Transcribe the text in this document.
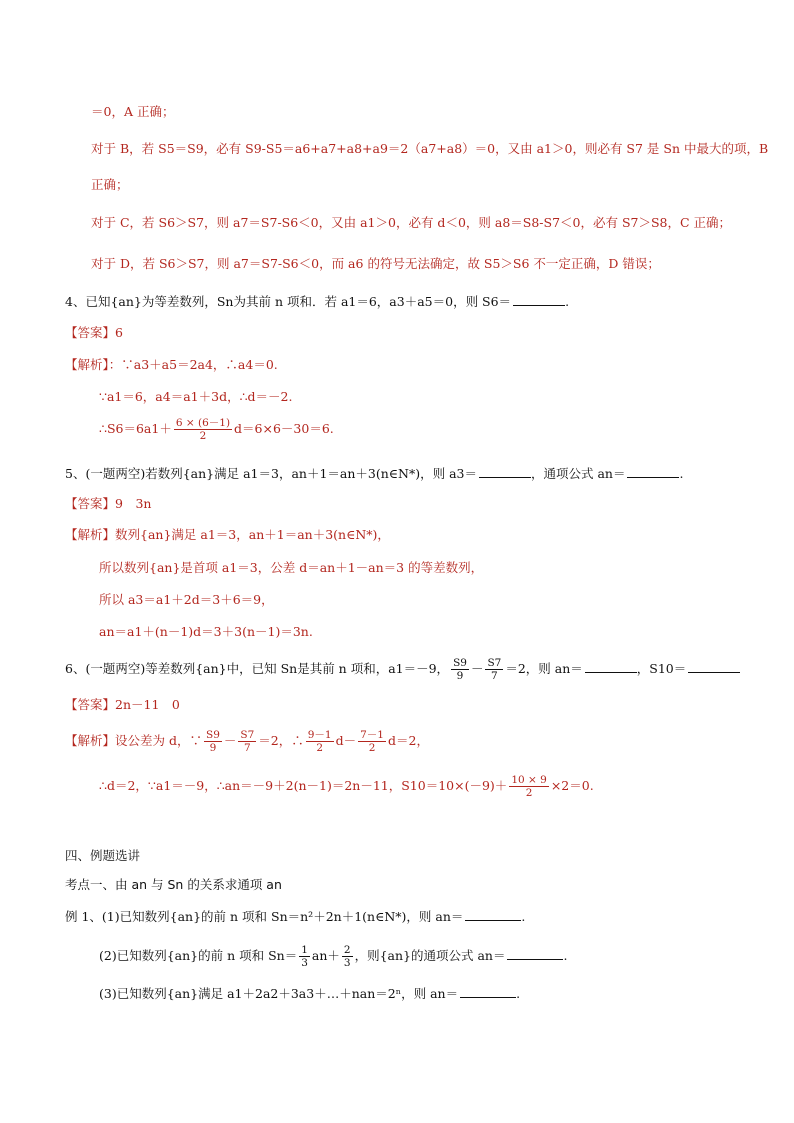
＝0，A 正确；
对于 B，若 S5＝S9，必有 S9-S5＝a6+a7+a8+a9＝2（a7+a8）＝0，又由 a1＞0，则必有 S7 是 Sn 中最大的项，B
正确；
对于 C，若 S6＞S7，则 a7＝S7-S6＜0，又由 a1＞0，必有 d＜0，则 a8＝S8-S7＜0，必有 S7＞S8，C 正确；
对于 D，若 S6＞S7，则 a7＝S7-S6＜0，而 a6 的符号无法确定，故 S5＞S6 不一定正确，D 错误；
4、已知{an}为等差数列，Sn为其前 n 项和．若 a1＝6，a3＋a5＝0，则 S6＝	.
【答案】6
【解析】：∵a3＋a5＝2a4，∴a4＝0.
∵a1＝6，a4＝a1＋3d，∴d＝－2.
∴S6＝6a1＋ $\frac{6 \times (6-1)}{2} d=6\times 6-30=6$.
5、(一题两空)若数列{an}满足 a1＝3，an＋1＝an＋3(n∈N*)，则 a3＝	，通项公式 an＝	.
【答案】9　3n
【解析】数列{an}满足 a1＝3，an＋1＝an＋3(n∈N*)，
所以数列{an}是首项 a1＝3，公差 d＝an＋1－an＝3 的等差数列，
所以 a3＝a1＋2d＝3＋6＝9，
an＝a1＋(n－1)d＝3＋3(n－1)＝3n.
6、(一题两空)等差数列{an}中，已知 Sn是其前 n 项和，a1＝－9， $\frac{S9}{9} - \frac{S7}{7} =2$，则 an＝	，S10＝
【答案】2n－11　0
【解析】设公差为 d，∵ $\frac{S9}{9} - \frac{S7}{7} =2$，∴ $\frac{9-1}{2} d- \frac{7-1}{2} d=2$，
∴d＝2，∵a1＝－9，∴an＝－9＋2(n－1)＝2n－11，$S10=10\times(-9)+ \frac{10 \times 9}{2} \times 2=0$.
四、例题选讲
考点一、由 an 与 Sn 的关系求通项 an
例 1、(1)已知数列{an}的前 n 项和 Sn＝n²＋2n＋1(n∈N*)，则 an＝	.
(2)已知数列{an}的前 n 项和 $Sn= \frac{1}{3} an+ \frac{2}{3}$ ，则{an}的通项公式 an＝	.
(3)已知数列{an}满足 a1＋2a2＋3a3＋…＋nan＝2ⁿ，则 an＝	.
